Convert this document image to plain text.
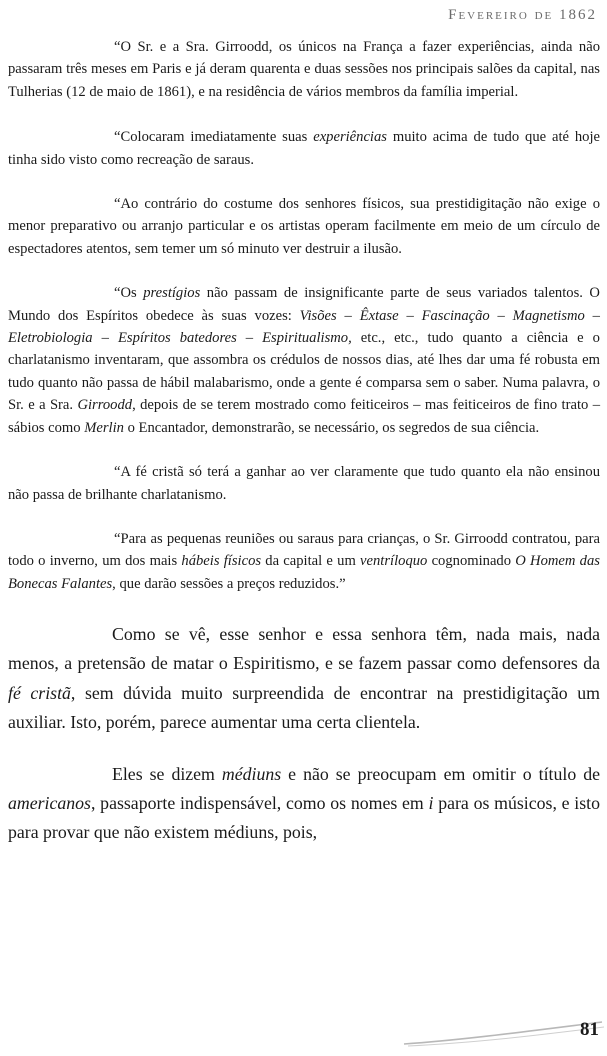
Fevereiro de 1862

“O Sr. e a Sra. Girroodd, os únicos na França a fazer experiências, ainda não passaram três meses em Paris e já deram quarenta e duas sessões nos principais salões da capital, nas Tulherias (12 de maio de 1861), e na residência de vários membros da família imperial.

“Colocaram imediatamente suas experiências muito acima de tudo que até hoje tinha sido visto como recreação de saraus.

“Ao contrário do costume dos senhores físicos, sua prestidigitação não exige o menor preparativo ou arranjo particular e os artistas operam facilmente em meio de um círculo de espectadores atentos, sem temer um só minuto ver destruir a ilusão.

“Os prestígios não passam de insignificante parte de seus variados talentos. O Mundo dos Espíritos obedece às suas vozes: Visões – Êxtase – Fascinação – Magnetismo – Eletrobiologia – Espíritos batedores – Espiritualismo, etc., etc., tudo quanto a ciência e o charlatanismo inventaram, que assombra os crédulos de nossos dias, até lhes dar uma fé robusta em tudo quanto não passa de hábil malabarismo, onde a gente é comparsa sem o saber. Numa palavra, o Sr. e a Sra. Girroodd, depois de se terem mostrado como feiticeiros – mas feiticeiros de fino trato – sábios como Merlin o Encantador, demonstrarão, se necessário, os segredos de sua ciência.

“A fé cristã só terá a ganhar ao ver claramente que tudo quanto ela não ensinou não passa de brilhante charlatanismo.

“Para as pequenas reuniões ou saraus para crianças, o Sr. Girroodd contratou, para todo o inverno, um dos mais hábeis físicos da capital e um ventríloquo cognominado O Homem das Bonecas Falantes, que darão sessões a preços reduzidos.”

Como se vê, esse senhor e essa senhora têm, nada mais, nada menos, a pretensão de matar o Espiritismo, e se fazem passar como defensores da fé cristã, sem dúvida muito surpreendida de encontrar na prestidigitação um auxiliar. Isto, porém, parece aumentar uma certa clientela.

Eles se dizem médiuns e não se preocupam em omitir o título de americanos, passaporte indispensável, como os nomes em i para os músicos, e isto para provar que não existem médiuns, pois,

81
